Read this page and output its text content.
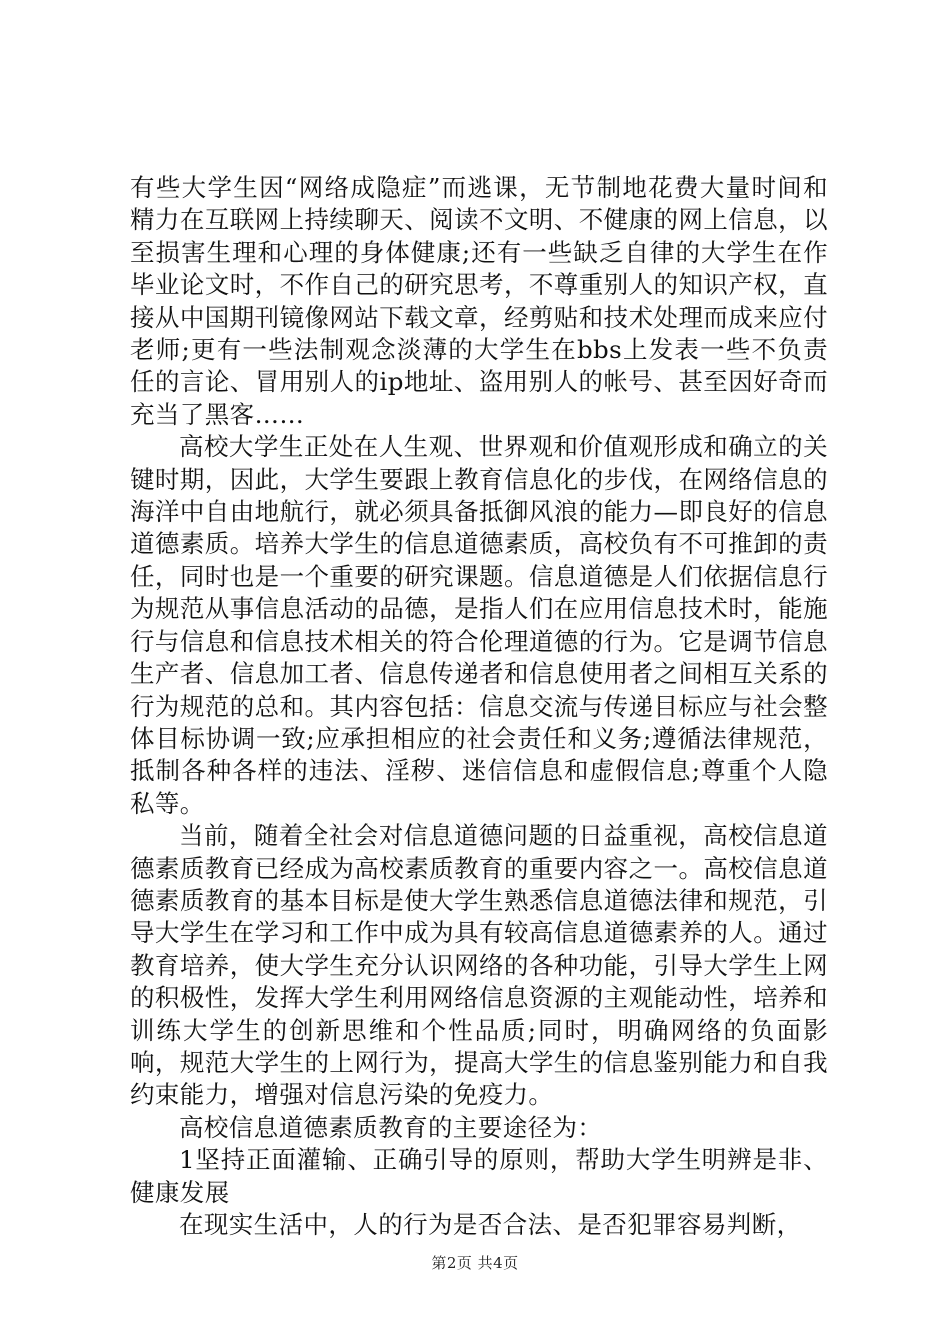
有些大学生因“网络成隐症”而逃课，无节制地花费大量时间和精力在互联网上持续聊天、阅读不文明、不健康的网上信息，以至损害生理和心理的身体健康;还有一些缺乏自律的大学生在作毕业论文时，不作自己的研究思考，不尊重别人的知识产权，直接从中国期刊镜像网站下载文章，经剪贴和技术处理而成来应付老师;更有一些法制观念淡薄的大学生在bbs上发表一些不负责任的言论、冒用别人的ip地址、盗用别人的帐号、甚至因好奇而充当了黑客……

高校大学生正处在人生观、世界观和价值观形成和确立的关键时期，因此，大学生要跟上教育信息化的步伐，在网络信息的海洋中自由地航行，就必须具备抵御风浪的能力—即良好的信息道德素质。培养大学生的信息道德素质，高校负有不可推卸的责任，同时也是一个重要的研究课题。信息道德是人们依据信息行为规范从事信息活动的品德，是指人们在应用信息技术时，能施行与信息和信息技术相关的符合伦理道德的行为。它是调节信息生产者、信息加工者、信息传递者和信息使用者之间相互关系的行为规范的总和。其内容包括：信息交流与传递目标应与社会整体目标协调一致;应承担相应的社会责任和义务;遵循法律规范，抵制各种各样的违法、淫秽、迷信信息和虚假信息;尊重个人隐私等。

当前，随着全社会对信息道德问题的日益重视，高校信息道德素质教育已经成为高校素质教育的重要内容之一。高校信息道德素质教育的基本目标是使大学生熟悉信息道德法律和规范，引导大学生在学习和工作中成为具有较高信息道德素养的人。通过教育培养，使大学生充分认识网络的各种功能，引导大学生上网的积极性，发挥大学生利用网络信息资源的主观能动性，培养和训练大学生的创新思维和个性品质;同时，明确网络的负面影响，规范大学生的上网行为，提高大学生的信息鉴别能力和自我约束能力，增强对信息污染的免疫力。

高校信息道德素质教育的主要途径为：

1坚持正面灌输、正确引导的原则，帮助大学生明辨是非、健康发展

在现实生活中，人的行为是否合法、是否犯罪容易判断，

第2页 共4页
